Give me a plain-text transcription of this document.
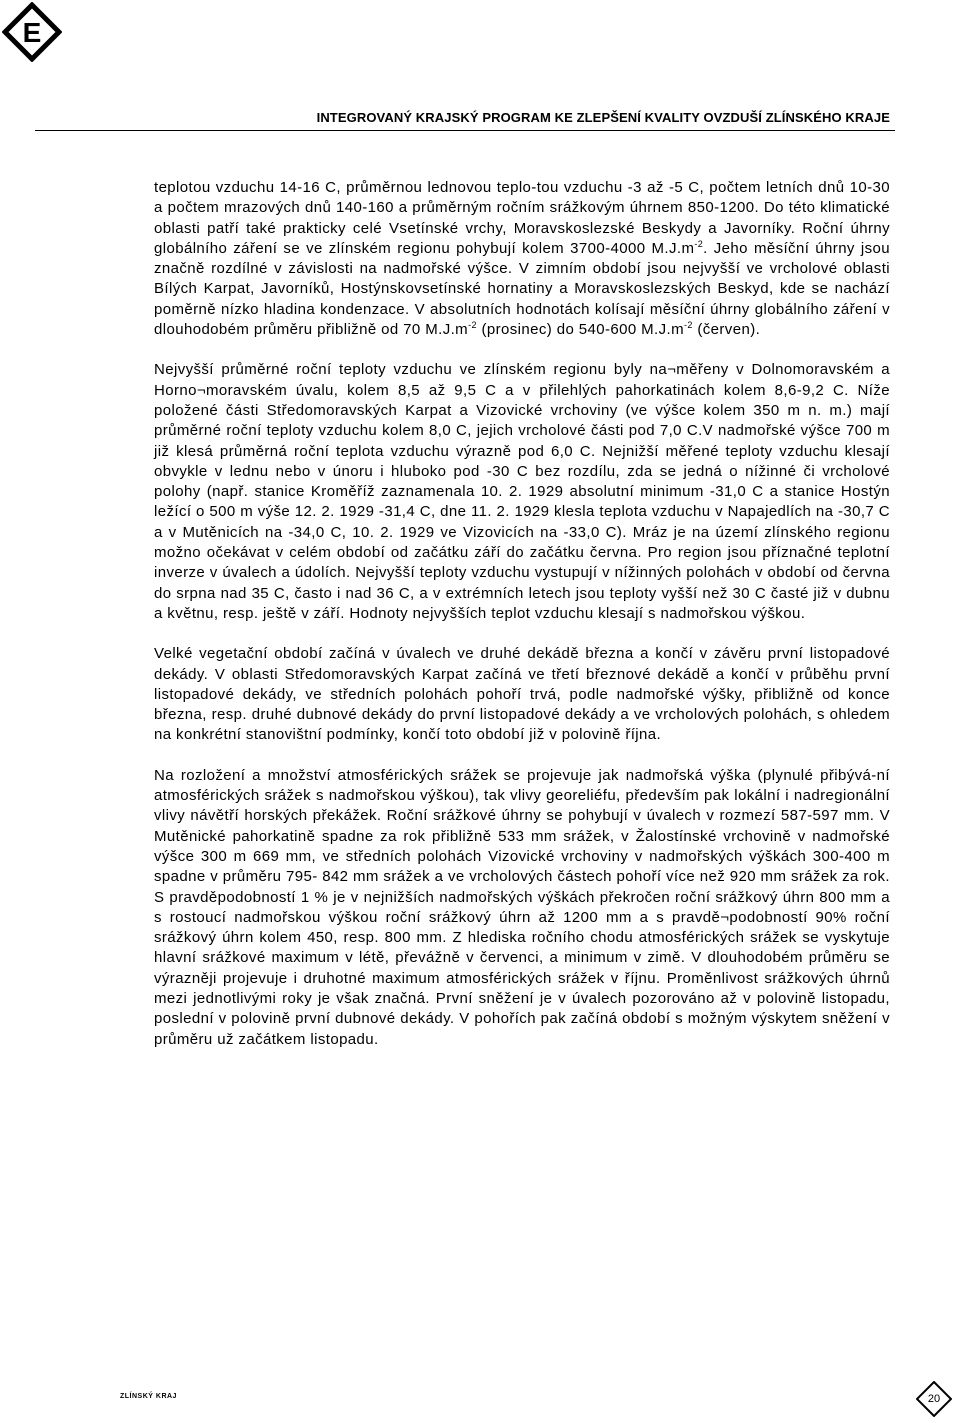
E
INTEGROVANÝ KRAJSKÝ PROGRAM KE ZLEPŠENÍ KVALITY OVZDUŠÍ ZLÍNSKÉHO KRAJE

teplotou vzduchu 14-16 C, průměrnou lednovou teplo-tou vzduchu -3 až -5 C, počtem letních dnů 10-30 a počtem mrazových dnů 140-160 a průměrným ročním srážkovým úhrnem 850-1200. Do této klimatické oblasti patří také prakticky celé Vsetínské vrchy, Moravskoslezské Beskydy a Javorníky. Roční úhrny globálního záření se ve zlínském regionu pohybují kolem 3700-4000 $M.J.m^{-2}$. Jeho měsíční úhrny jsou značně rozdílné v závislosti na nadmořské výšce. V zimním období jsou nejvyšší ve vrcholové oblasti Bílých Karpat, Javorníků, Hostýnskovsetínské hornatiny a Moravskoslezských Beskyd, kde se nachází poměrně nízko hladina kondenzace. V absolutních hodnotách kolísají měsíční úhrny globálního záření v dlouhodobém průměru přibližně od 70 $M.J.m^{-2}$ (prosinec) do 540-600 $M.J.m^{-2}$ (červen).

Nejvyšší průměrné roční teploty vzduchu ve zlínském regionu byly na¬měřeny v Dolnomoravském a Horno¬moravském úvalu, kolem 8,5 až 9,5 C a v přilehlých pahorkatinách kolem 8,6-9,2 C. Níže položené části Středomoravských Karpat a Vizovické vrchoviny (ve výšce kolem 350 m n. m.) mají průměrné roční teploty vzduchu kolem 8,0 C, jejich vrcholové části pod 7,0 C.V nadmořské výšce 700 m již klesá průměrná roční teplota vzduchu výrazně pod 6,0 C. Nejnižší měřené teploty vzduchu klesají obvykle v lednu nebo v únoru i hluboko pod -30 C bez rozdílu, zda se jedná o nížinné či vrcholové polohy (např. stanice Kroměříž zaznamenala 10. 2. 1929 absolutní minimum -31,0 C a stanice Hostýn ležící o 500 m výše 12. 2. 1929 -31,4 C, dne 11. 2. 1929 klesla teplota vzduchu v Napajedlích na -30,7 C a v Mutěnicích na -34,0 C, 10. 2. 1929 ve Vizovicích na -33,0 C). Mráz je na území zlínského regionu možno očekávat v celém období od začátku září do začátku června. Pro region jsou příznačné teplotní inverze v úvalech a údolích. Nejvyšší teploty vzduchu vystupují v nížinných polohách v období od června do srpna nad 35 C, často i nad 36 C, a v extrémních letech jsou teploty vyšší než 30 C časté již v dubnu a květnu, resp. ještě v září. Hodnoty nejvyšších teplot vzduchu klesají s nadmořskou výškou.

Velké vegetační období začíná v úvalech ve druhé dekádě března a končí v závěru první listopadové dekády. V oblasti Středomoravských Karpat začíná ve třetí březnové dekádě a končí v průběhu první listopadové dekády, ve středních polohách pohoří trvá, podle nadmořské výšky, přibližně od konce března, resp. druhé dubnové dekády do první listopadové dekády a ve vrcholových polohách, s ohledem na konkrétní stanovištní podmínky, končí toto období již v polovině října.

Na rozložení a množství atmosférických srážek se projevuje jak nadmořská výška (plynulé přibývá-ní atmosférických srážek s nadmořskou výškou), tak vlivy georeliéfu, především pak lokální i nadregionální vlivy návětří horských překážek. Roční srážkové úhrny se pohybují v úvalech v rozmezí 587-597 mm. V Mutěnické pahorkatině spadne za rok přibližně 533 mm srážek, v Žalostínské vrchovině v nadmořské výšce 300 m 669 mm, ve středních polohách Vizovické vrchoviny v nadmořských výškách 300-400 m spadne v průměru 795- 842 mm srážek a ve vrcholových částech pohoří více než 920 mm srážek za rok. S pravděpodobností 1 % je v nejnižších nadmořských výškách překročen roční srážkový úhrn 800 mm a s rostoucí nadmořskou výškou roční srážkový úhrn až 1200 mm a s pravdě¬podobností 90% roční srážkový úhrn kolem 450, resp. 800 mm. Z hlediska ročního chodu atmosférických srážek se vyskytuje hlavní srážkové maximum v létě, převážně v červenci, a minimum v zimě. V dlouhodobém průměru se výrazněji projevuje i druhotné maximum atmosférických srážek v říjnu. Proměnlivost srážkových úhrnů mezi jednotlivými roky je však značná. První sněžení je v úvalech pozorováno až v polovině listopadu, poslední v polovině první dubnové dekády. V pohořích pak začíná období s možným výskytem sněžení v průměru už začátkem listopadu.

ZLÍNSKÝ KRAJ	20
